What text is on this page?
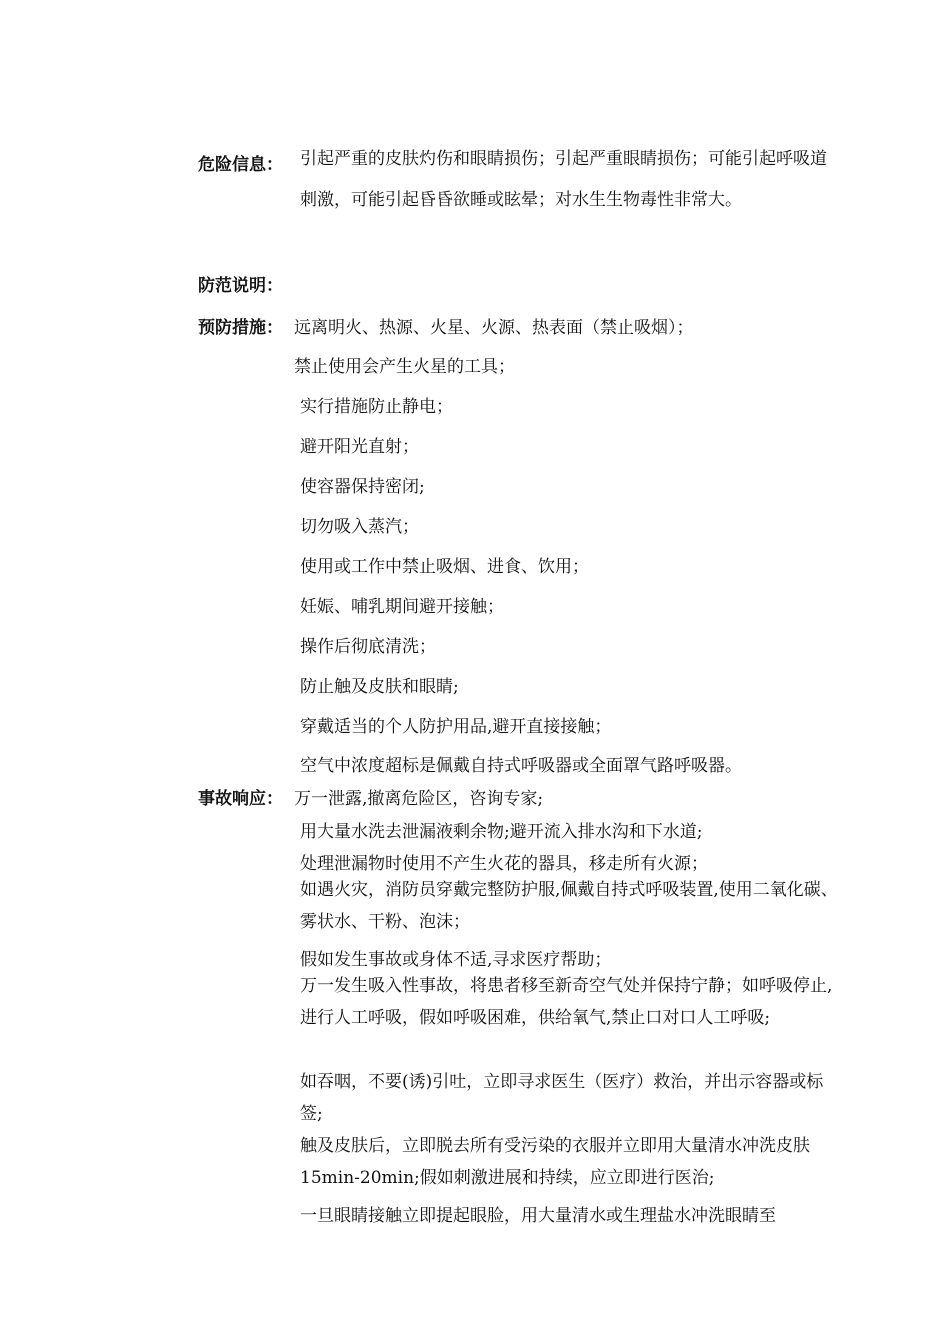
危险信息： 引起严重的皮肤灼伤和眼睛损伤；引起严重眼睛损伤；可能引起呼吸道刺激，可能引起昏昏欲睡或眩晕；对水生生物毒性非常大。
防范说明：
预防措施： 远离明火、热源、火星、火源、热表面（禁止吸烟）；
禁止使用会产生火星的工具；
实行措施防止静电；
避开阳光直射；
使容器保持密闭;
切勿吸入蒸汽；
使用或工作中禁止吸烟、进食、饮用；
妊娠、哺乳期间避开接触；
操作后彻底清洗；
防止触及皮肤和眼睛;
穿戴适当的个人防护用品,避开直接接触；
空气中浓度超标是佩戴自持式呼吸器或全面罩气路呼吸器。
事故响应： 万一泄露,撤离危险区，咨询专家;
用大量水洗去泄漏液剩余物;避开流入排水沟和下水道;
处理泄漏物时使用不产生火花的器具，移走所有火源；
如遇火灾，消防员穿戴完整防护服,佩戴自持式呼吸装置,使用二氧化碳、雾状水、干粉、泡沫；
假如发生事故或身体不适,寻求医疗帮助；
万一发生吸入性事故，将患者移至新奇空气处并保持宁静；如呼吸停止,进行人工呼吸，假如呼吸困难，供给氧气,禁止口对口人工呼吸;
如吞咽，不要(诱)引吐，立即寻求医生（医疗）救治，并出示容器或标签;
触及皮肤后，立即脱去所有受污染的衣服并立即用大量清水冲洗皮肤15min-20min;假如刺激进展和持续，应立即进行医治;
一旦眼睛接触立即提起眼脸，用大量清水或生理盐水冲洗眼睛至
